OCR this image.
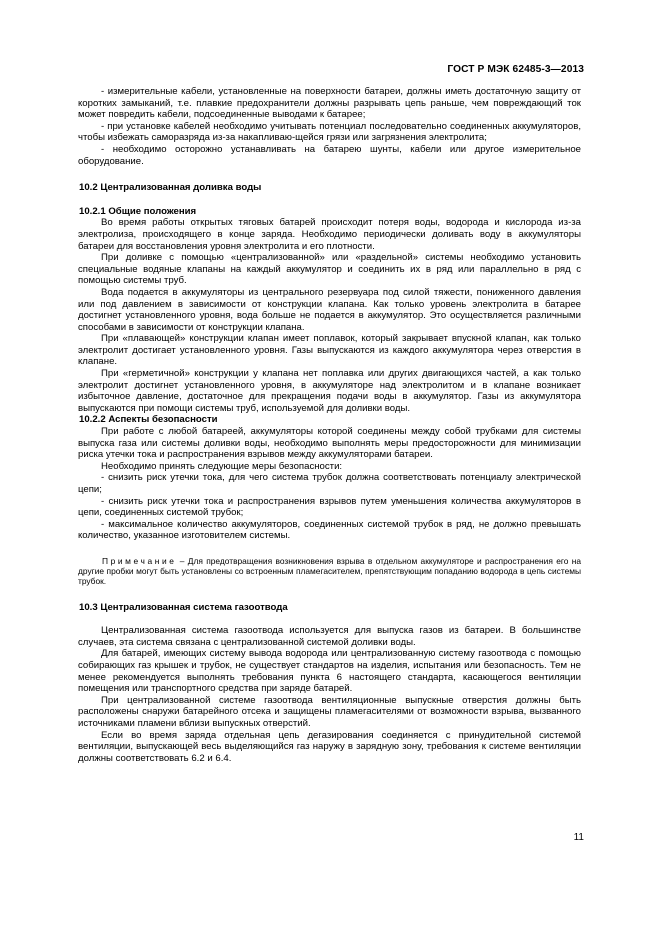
ГОСТ Р МЭК 62485-3—2013

- измерительные кабели, установленные на поверхности батареи, должны иметь достаточную защиту от коротких замыканий, т.е. плавкие предохранители должны разрывать цепь раньше, чем повреждающий ток может повредить кабели, подсоединенные выводами к батарее;

- при установке кабелей необходимо учитывать потенциал последовательно соединенных аккумуляторов, чтобы избежать саморазряда из-за накапливаю-щейся грязи или загрязнения электролита;

- необходимо осторожно устанавливать на батарею шунты, кабели или другое измерительное оборудование.

10.2 Централизованная доливка воды

10.2.1 Общие положения

Во время работы открытых тяговых батарей происходит потеря воды, водорода и кислорода из-за электролиза, происходящего в конце заряда. Необходимо периодически доливать воду в аккумуляторы батареи для восстановления уровня электролита и его плотности.

При доливке с помощью «централизованной» или «раздельной» системы необходимо установить специальные водяные клапаны на каждый аккумулятор и соединить их в ряд или параллельно в ряд с помощью системы труб.

Вода подается в аккумуляторы из центрального резервуара под силой тяжести, пониженного давления или под давлением в зависимости от конструкции клапана. Как только уровень электролита в батарее достигнет установленного уровня, вода больше не подается в аккумулятор. Это осуществляется различными способами в зависимости от конструкции клапана.

При «плавающей» конструкции клапан имеет поплавок, который закрывает впускной клапан, как только электролит достигает установленного уровня. Газы выпускаются из каждого аккумулятора через отверстия в клапане.

При «герметичной» конструкции у клапана нет поплавка или других двигающихся частей, а как только электролит достигнет установленного уровня, в аккумуляторе над электролитом и в клапане возникает избыточное давление, достаточное для прекращения подачи воды в аккумулятор. Газы из аккумулятора выпускаются при помощи системы труб, используемой для доливки воды.

10.2.2 Аспекты безопасности

При работе с любой батареей, аккумуляторы которой соединены между собой трубками для системы выпуска газа или системы доливки воды, необходимо выполнять меры предосторожности для минимизации риска утечки тока и распространения взрывов между аккумуляторами батареи.

Необходимо принять следующие меры безопасности:

- снизить риск утечки тока, для чего система трубок должна соответствовать потенциалу электрической цепи;

- снизить риск утечки тока и распространения взрывов путем уменьшения количества аккумуляторов в цепи, соединенных системой трубок;

- максимальное количество аккумуляторов, соединенных системой трубок в ряд, не должно превышать количество, указанное изготовителем системы.

Примечание – Для предотвращения возникновения взрыва в отдельном аккумуляторе и распространения его на другие пробки могут быть установлены со встроенным пламегасителем, препятствующим попаданию водорода в цепь системы трубок.

10.3 Централизованная система газоотвода

Централизованная система газоотвода используется для выпуска газов из батареи. В большинстве случаев, эта система связана с централизованной системой доливки воды.

Для батарей, имеющих систему вывода водорода или централизованную систему газоотвода с помощью собирающих газ крышек и трубок, не существует стандартов на изделия, испытания или безопасность. Тем не менее рекомендуется выполнять требования пункта 6 настоящего стандарта, касающегося вентиляции помещения или транспортного средства при заряде батарей.

При централизованной системе газоотвода вентиляционные выпускные отверстия должны быть расположены снаружи батарейного отсека и защищены пламегасителями от возможности взрыва, вызванного источниками пламени вблизи выпускных отверстий.

Если во время заряда отдельная цепь дегазирования соединяется с принудительной системой вентиляции, выпускающей весь выделяющийся газ наружу в зарядную зону, требования к системе вентиляции должны соответствовать 6.2 и 6.4.

11
